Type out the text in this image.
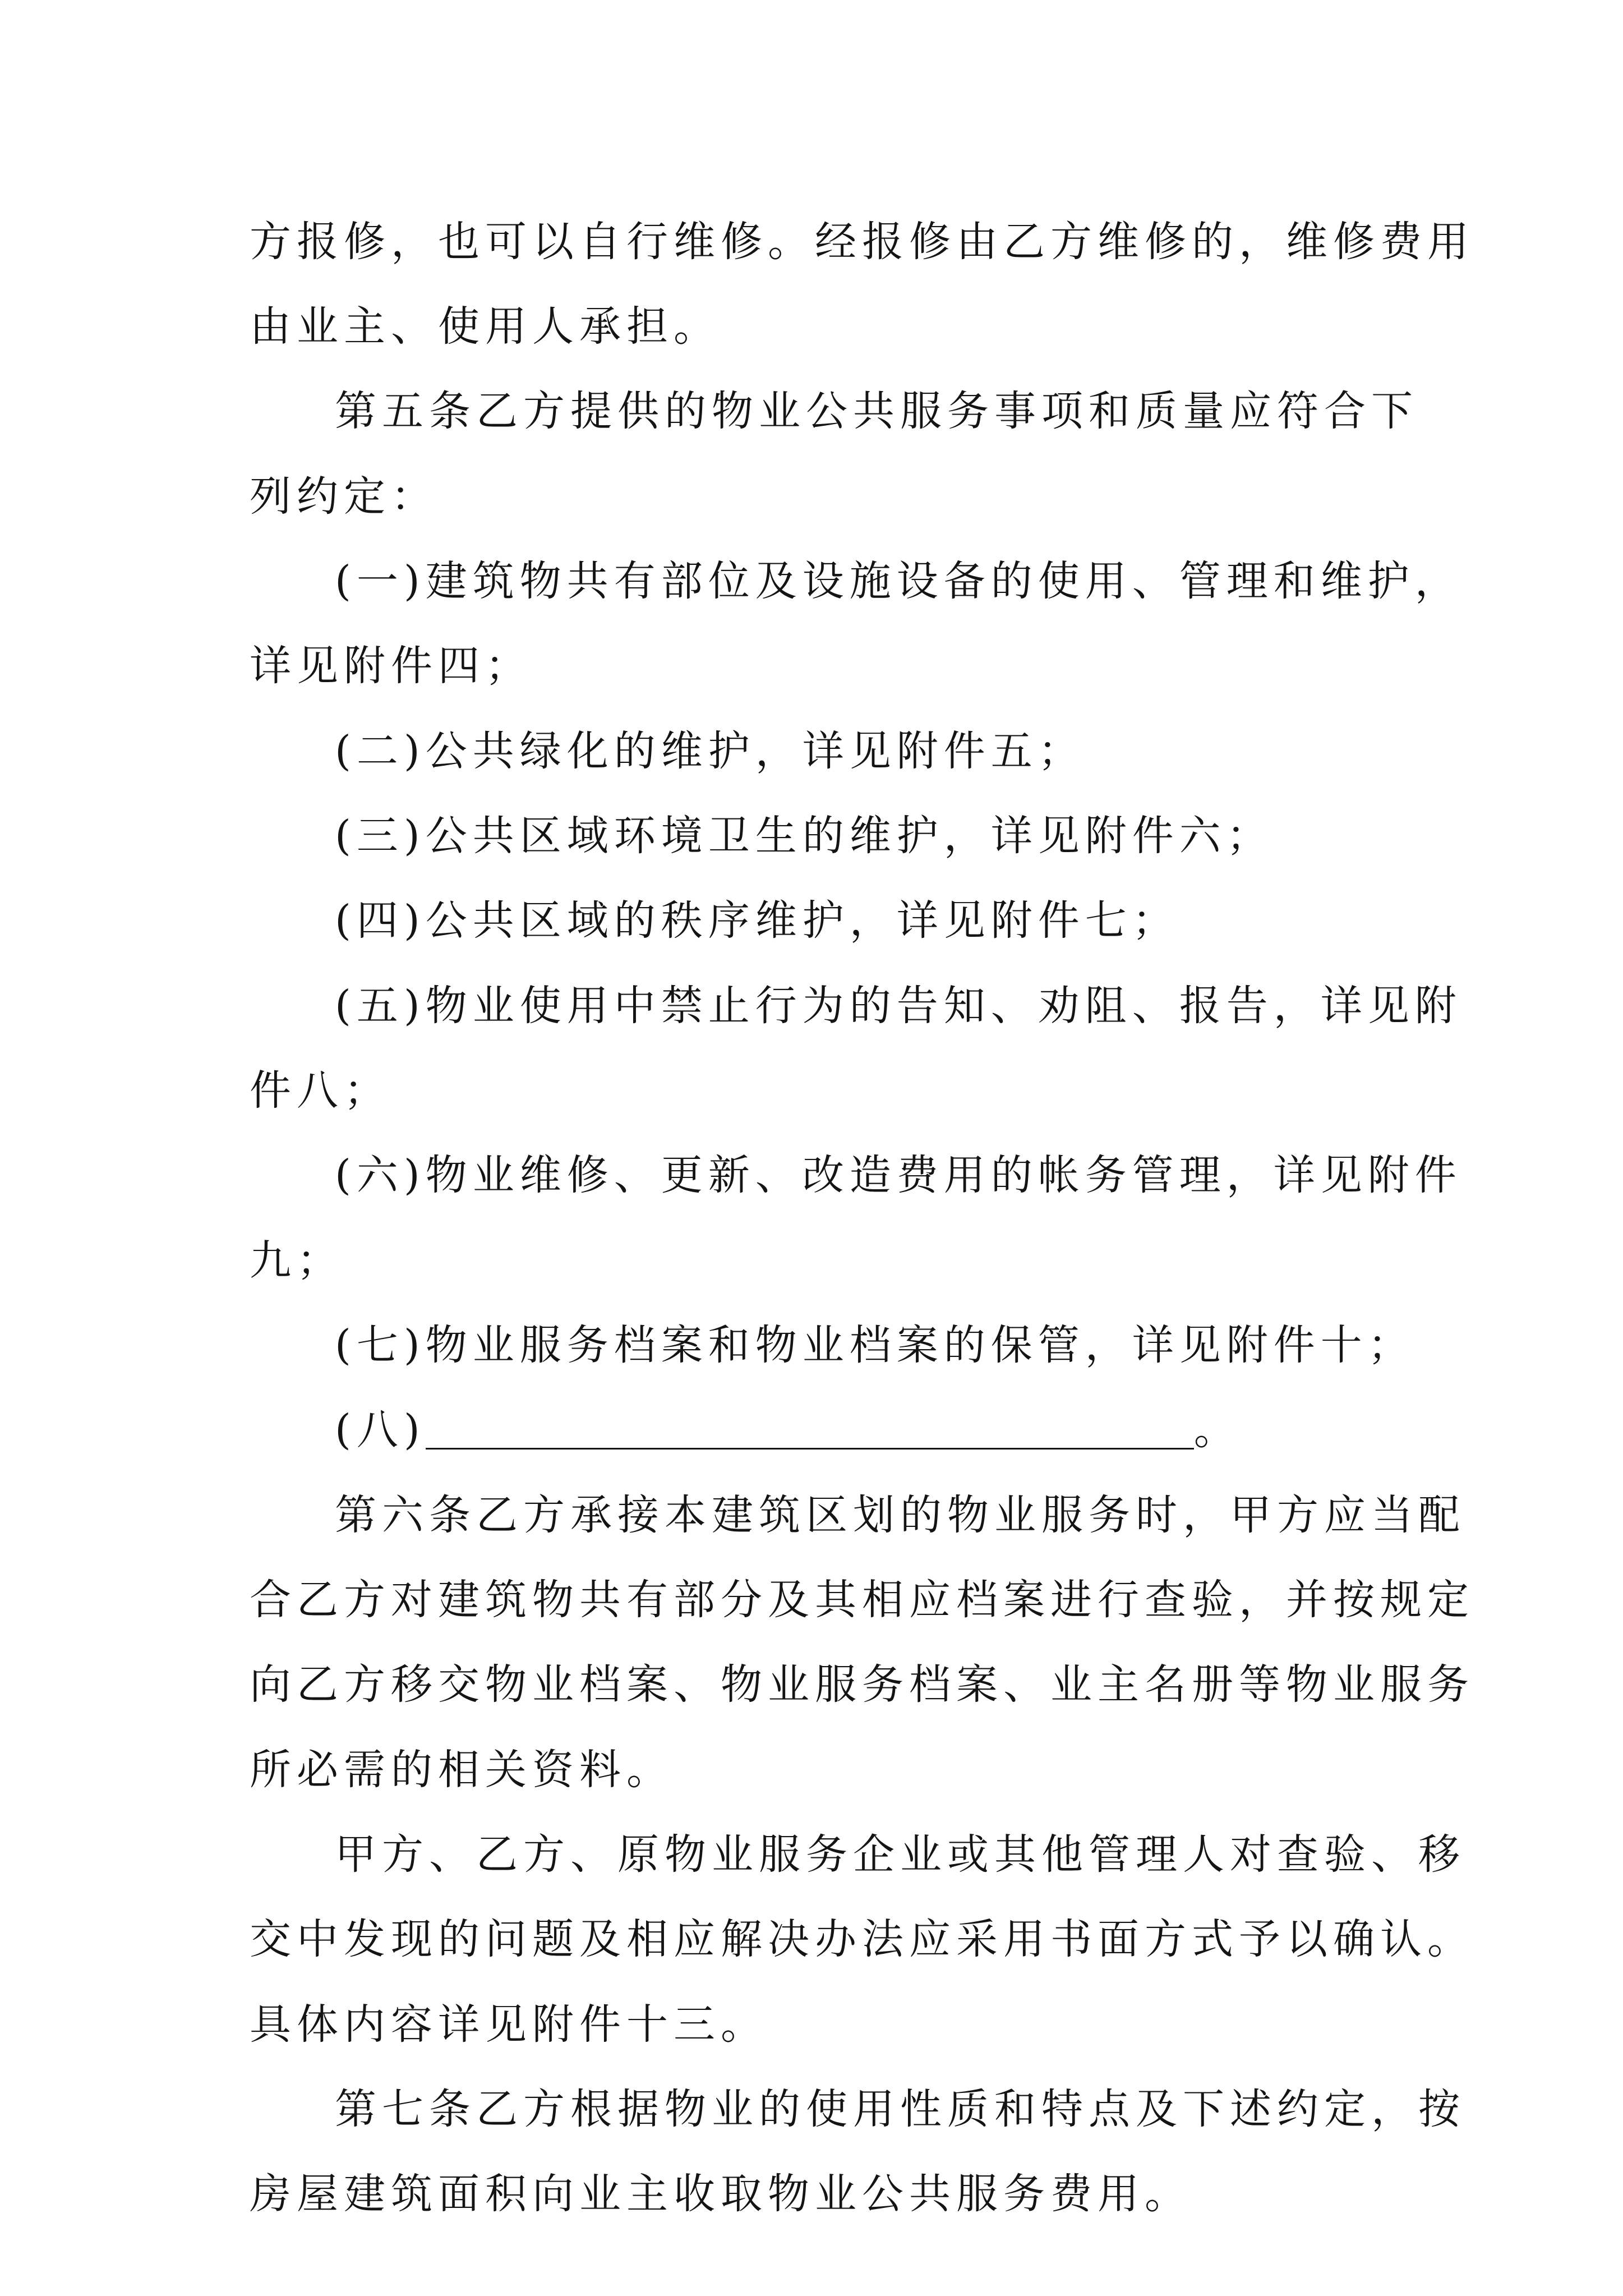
方报修，也可以自行维修。经报修由乙方维修的，维修费用
由业主、使用人承担。
第五条乙方提供的物业公共服务事项和质量应符合下
列约定：
(一)建筑物共有部位及设施设备的使用、管理和维护，
详见附件四；
(二)公共绿化的维护，详见附件五；
(三)公共区域环境卫生的维护，详见附件六；
(四)公共区域的秩序维护，详见附件七；
(五)物业使用中禁止行为的告知、劝阻、报告，详见附
件八；
(六)物业维修、更新、改造费用的帐务管理，详见附件
九；
(七)物业服务档案和物业档案的保管，详见附件十；
(八)	。
第六条乙方承接本建筑区划的物业服务时，甲方应当配
合乙方对建筑物共有部分及其相应档案进行查验，并按规定
向乙方移交物业档案、物业服务档案、业主名册等物业服务
所必需的相关资料。
甲方、乙方、原物业服务企业或其他管理人对查验、移
交中发现的问题及相应解决办法应采用书面方式予以确认。
具体内容详见附件十三。
第七条乙方根据物业的使用性质和特点及下述约定，按
房屋建筑面积向业主收取物业公共服务费用。
